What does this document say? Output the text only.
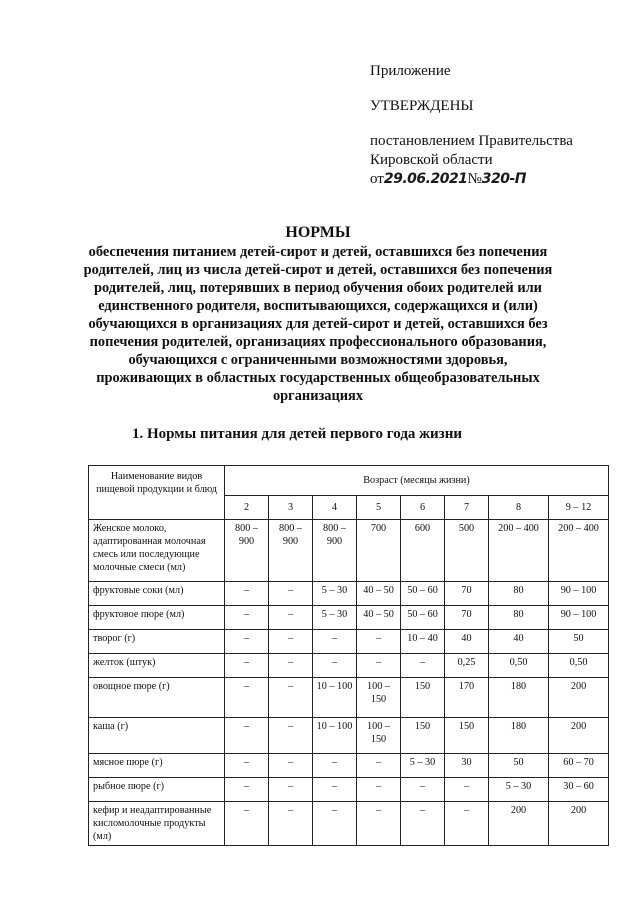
Приложение
УТВЕРЖДЕНЫ
постановлением Правительства
Кировской области
от29.06.2021№320-П
НОРМЫ
обеспечения питанием детей-сирот и детей, оставшихся без попечения
родителей, лиц из числа детей-сирот и детей, оставшихся без попечения
родителей, лиц, потерявших в период обучения обоих родителей или
единственного родителя, воспитывающихся, содержащихся и (или)
обучающихся в организациях для детей-сирот и детей, оставшихся без
попечения родителей, организациях профессионального образования,
обучающихся с ограниченными возможностями здоровья,
проживающих в областных государственных общеобразовательных
организациях
1. Нормы питания для детей первого года жизни
Наименование видов пищевой продукции и блюд	Возраст (месяцы жизни)							
	2	3	4	5	6	7	8	9 – 12
Женское молоко, адаптированная молочная смесь или последующие молочные смеси (мл)	800 – 900	800 – 900	800 – 900	700	600	500	200 – 400	200 – 400
фруктовые соки (мл)	–	–	5 – 30	40 – 50	50 – 60	70	80	90 – 100
фруктовое пюре (мл)	–	–	5 – 30	40 – 50	50 – 60	70	80	90 – 100
творог (г)	–	–	–	–	10 – 40	40	40	50
желток (штук)	–	–	–	–	–	0,25	0,50	0,50
овощное пюре (г)	–	–	10 – 100	100 – 150	150	170	180	200
каша (г)	–	–	10 – 100	100 – 150	150	150	180	200
мясное пюре (г)	–	–	–	–	5 – 30	30	50	60 – 70
рыбное пюре (г)	–	–	–	–	–	–	5 – 30	30 – 60
кефир и неадаптированные кисломолочные продукты (мл)	–	–	–	–	–	–	200	200
